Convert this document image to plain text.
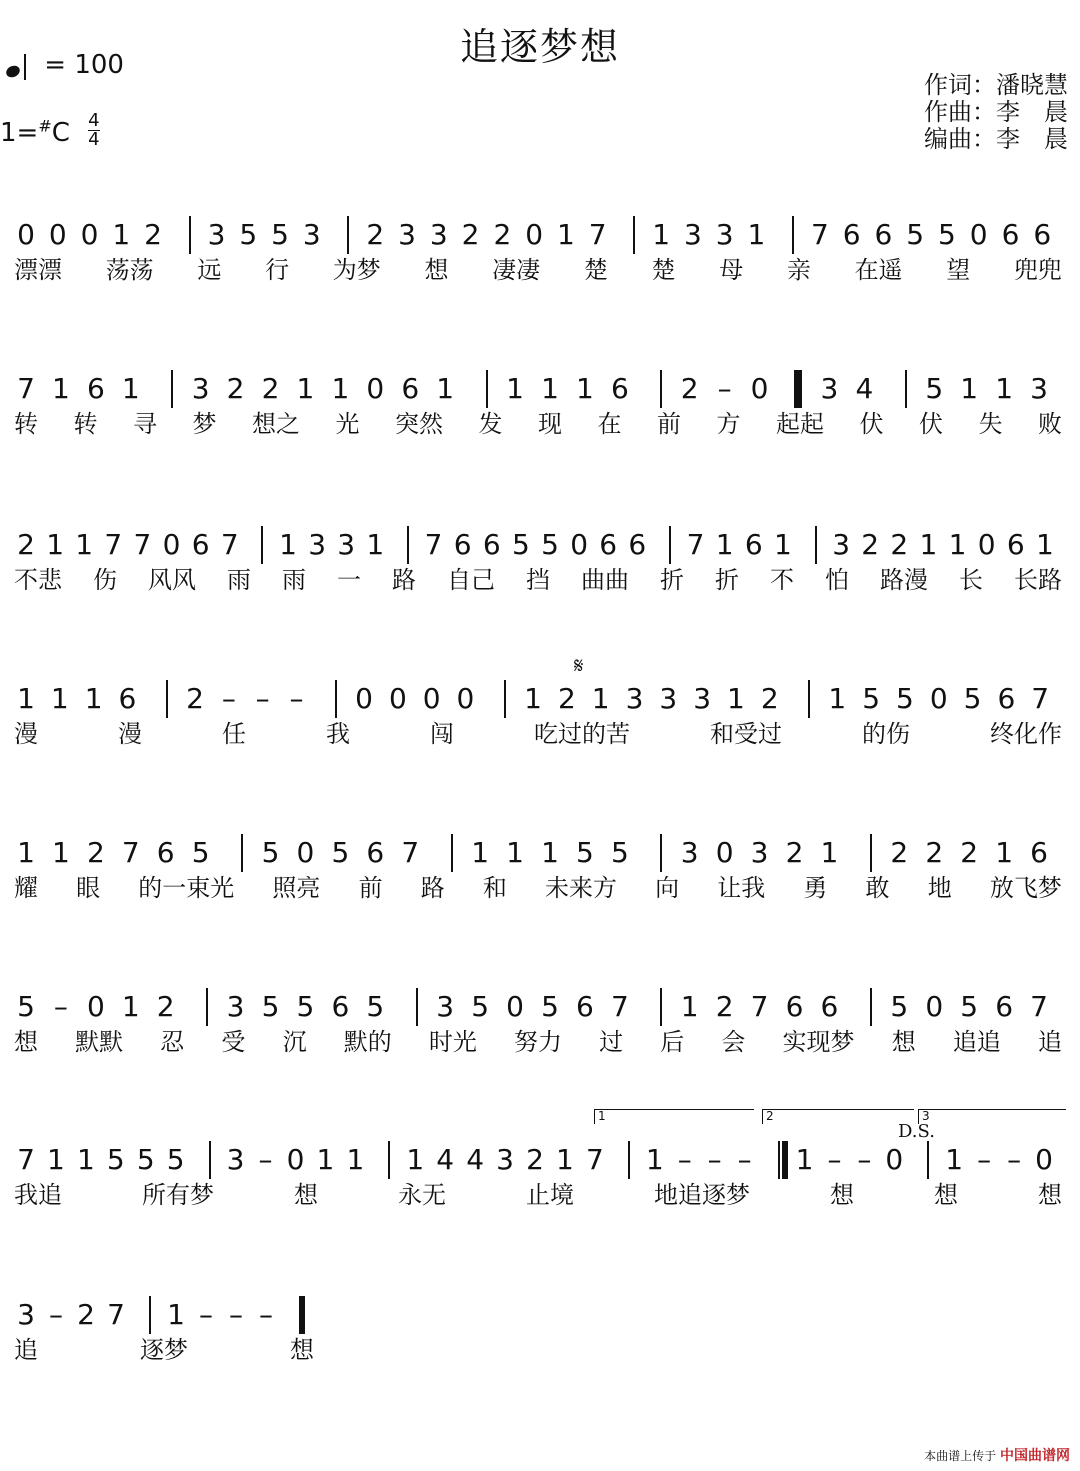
追逐梦想
= 100
$1=^{\#}C \frac{4}{4}$
作词：潘晓慧
作曲：李　晨
编曲：李　晨
0 0 0 1 2 3 5 5 3 2 3 3 2 2 0 1 7 1 3 3 1 7 6 6 5 5 0 6 6
漂漂 荡荡 远 行 为梦 想 凄凄 楚 楚 母 亲 在遥 望 兜兜
7 1 6 1 3 2 2 1 1 0 6 1 1 1 1 6 2 – 0 3 4 5 1 1 3
转 转 寻 梦 想之 光 突然 发 现 在 前 方 起起 伏 伏 失 败
2 1 1 7 7 0 6 7 1 3 3 1 7 6 6 5 5 0 6 6 7 1 6 1 3 2 2 1 1 0 6 1
不悲 伤 风风 雨 雨 一 路 自己 挡 曲曲 折 折 不 怕 路漫 长 长路
1 1 1 6 2 – – – 0 0 0 0 1 2 1 3 3 3 1 2 1 5 5 0 5 6 7
漫	漫	任	我	闯	吃过的苦	和受过	的伤	终化作
1 1 2 7 6 5 5 0 5 6 7 1 1 1 5 5 3 0 3 2 1 2 2 2 1 6
耀 眼 的一束光 照亮 前 路 和 未来方 向 让我 勇 敢 地 放飞梦
5 – 0 1 2 3 5 5 6 5 3 5 0 5 6 7 1 2 7 6 6 5 0 5 6 7
想 默默 忍 受 沉 默的 时光 努力 过 后 会 实现梦 想 追追 追
7 1 1 5 5 5 3 – 0 1 1 1 4 4 3 2 1 7 1 – – – 1 – – 0 1 – – 0
我追	所有梦	想	永无	止境	地追逐梦	想	想	想
1	2	3
D.S.
3 – 2 7 1 – – –
追	逐梦	想
𝄋
本曲谱上传于 中国曲谱网
